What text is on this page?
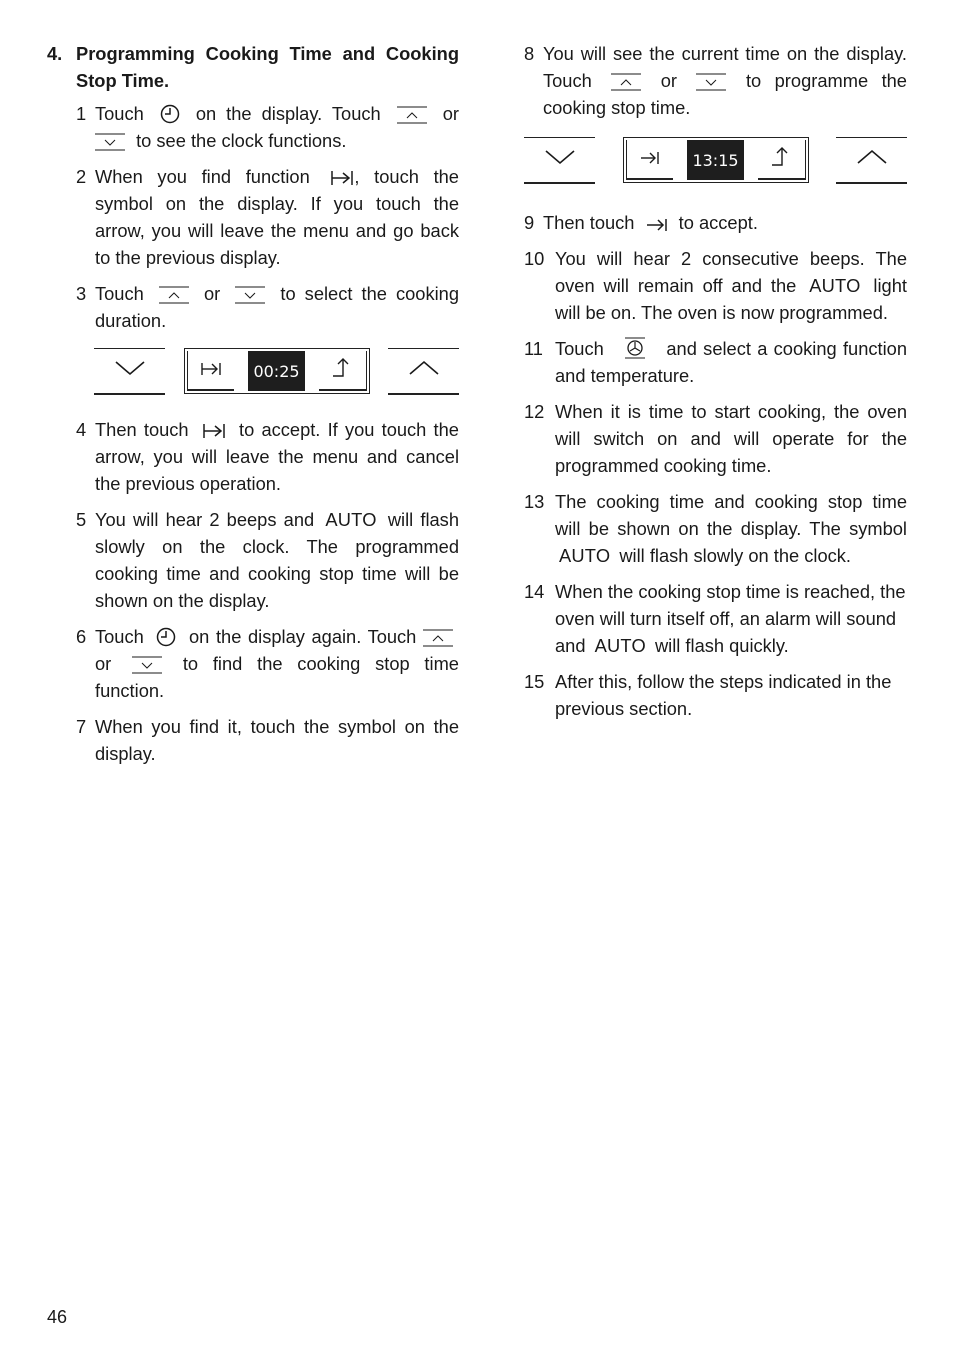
4. Programming Cooking Time and Cooking Stop Time.
1 Touch	on the display. Touch	or
to see the clock functions.
2 When you find function , touch the symbol on the display. If you touch the arrow, you will leave the menu and go back to the previous display.
3 Touch	or	to select the cooking duration.
00:25
4 Then touch	to accept. If you touch the arrow, you will leave the menu and cancel the previous operation.
5 You will hear 2 beeps and AUTO will flash slowly on the clock. The programmed cooking time and cooking stop time will be shown on the display.
6 Touch on the display again. Touch
or	to find the cooking stop time function.
7 When you find it, touch the symbol on the display.
8 You will see the current time on the display. Touch	or	to programme the cooking stop time.
13:15
9 Then touch to accept.
10 You will hear 2 consecutive beeps. The oven will remain off and the AUTO light will be on. The oven is now programmed.
11 Touch	and select a cooking function and temperature.
12 When it is time to start cooking, the oven will switch on and will operate for the programmed cooking time.
13 The cooking time and cooking stop time will be shown on the display. The symbol AUTO will flash slowly on the clock.
14 When the cooking stop time is reached, the oven will turn itself off, an alarm will sound and AUTO will flash quickly.
15 After this, follow the steps indicated in the previous section.
46
